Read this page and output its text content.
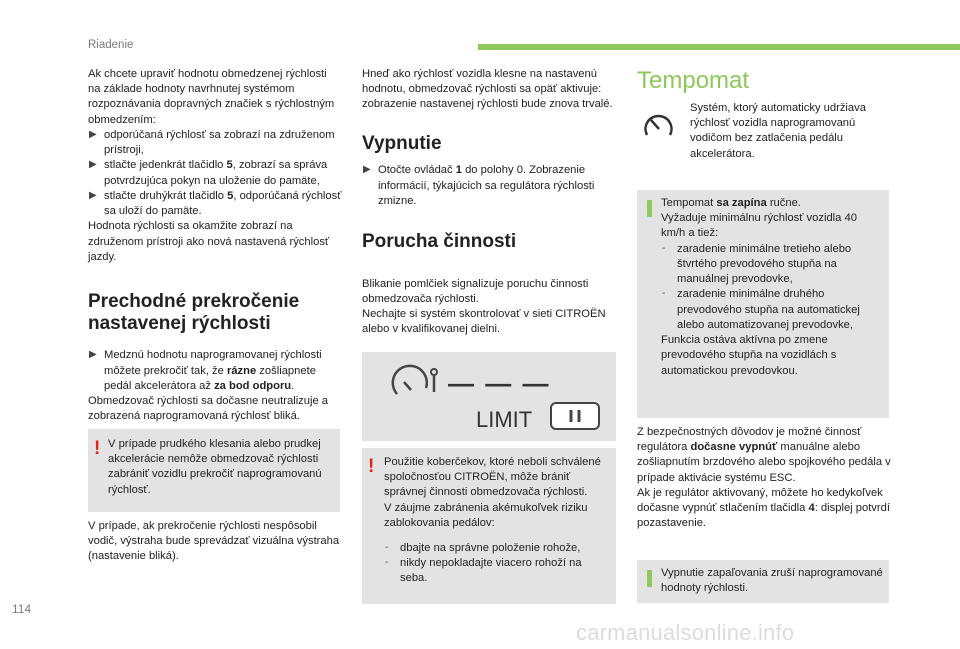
Riadenie

Ak chcete upraviť hodnotu obmedzenej rýchlosti na základe hodnoty navrhnutej systémom rozpoznávania dopravných značiek s rýchlostným obmedzením:

▶ odporúčaná rýchlosť sa zobrazí na združenom prístroji,
▶ stlačte jedenkrát tlačidlo 5, zobrazí sa správa potvrdzujúca pokyn na uloženie do pamäte,
▶ stlačte druhýkrát tlačidlo 5, odporúčaná rýchlosť sa uloží do pamäte.

Hodnota rýchlosti sa okamžite zobrazí na združenom prístroji ako nová nastavená rýchlosť jazdy.

Prechodné prekročenie
nastavenej rýchlosti
▶ Medznú hodnotu naprogramovanej rýchlosti môžete prekročiť tak, že rázne zošliapnete pedál akcelerátora až za bod odporu.

Obmedzovač rýchlosti sa dočasne neutralizuje a zobrazená naprogramovaná rýchlosť bliká.

! V prípade prudkého klesania alebo prudkej akcelerácie nemôže obmedzovač rýchlosti zabrániť vozidlu prekročiť naprogramovanú rýchlosť.

V prípade, ak prekročenie rýchlosti nespôsobil vodič, výstraha bude sprevádzať vizuálna výstraha (nastavenie bliká).

Hneď ako rýchlosť vozidla klesne na nastavenú hodnotu, obmedzovač rýchlosti sa opäť aktivuje: zobrazenie nastavenej rýchlosti bude znova trvalé.

Vypnutie
▶ Otočte ovládač 1 do polohy 0. Zobrazenie informácií, týkajúcich sa regulátora rýchlosti zmizne.
Porucha činnosti

Blikanie pomlčiek signalizuje poruchu činnosti obmedzovača rýchlosti.
Nechajte si systém skontrolovať v sieti CITROËN alebo v kvalifikovanej dielni.

— — —
LIMIT
! Použitie koberčekov, ktoré neboli schválené spoločnosťou CITROËN, môže brániť správnej činnosti obmedzovača rýchlosti.
V záujme zabránenia akémukoľvek riziku zablokovania pedálov:

- dbajte na správne položenie rohože,
- nikdy nepokladajte viacero rohoží na seba.
Tempomat

Systém, ktorý automaticky udržiava rýchlosť vozidla naprogramovanú vodičom bez zatlačenia pedálu akcelerátora.

Tempomat sa zapína ručne.

Vyžaduje minimálnu rýchlosť vozidla 40 km/h a tiež:

- zaradenie minimálne tretieho alebo štvrtého prevodového stupňa na manuálnej prevodovke,
- zaradenie minimálne druhého prevodového stupňa na automatickej alebo automatizovanej prevodovke,

Funkcia ostáva aktívna po zmene prevodového stupňa na vozidlách s automatickou prevodovkou.

Z bezpečnostných dôvodov je možné činnosť regulátora dočasne vypnúť manuálne alebo zošliapnutím brzdového alebo spojkového pedála v prípade aktivácie systému ESC.
Ak je regulátor aktivovaný, môžete ho kedykoľvek dočasne vypnúť stlačením tlačidla 4: displej potvrdí pozastavenie.

Vypnutie zapaľovania zruší naprogramované hodnoty rýchlosti.

114
carmanualsonline.info
